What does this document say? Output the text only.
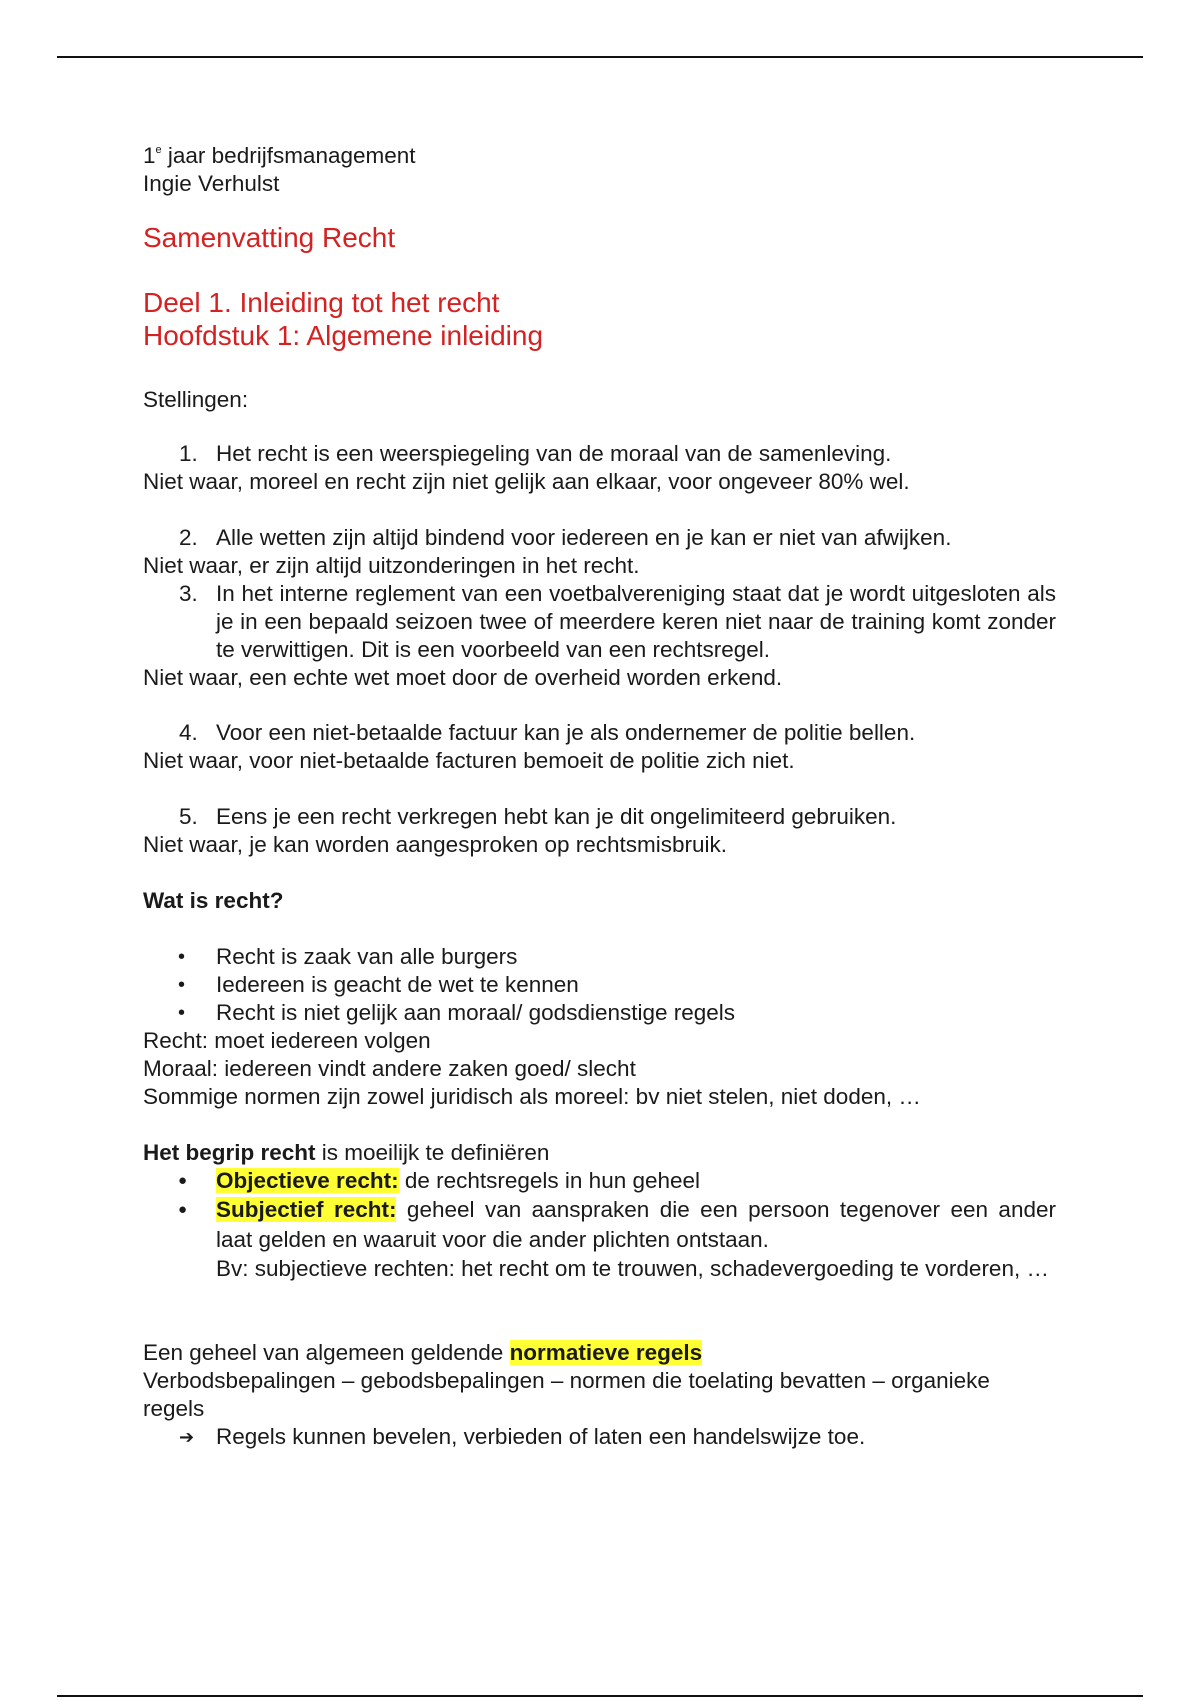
1e jaar bedrijfsmanagement

Ingie Verhulst

Samenvatting Recht
Deel 1. Inleiding tot het recht
Hoofdstuk 1: Algemene inleiding

Stellingen:

1. Het recht is een weerspiegeling van de moraal van de samenleving.

Niet waar, moreel en recht zijn niet gelijk aan elkaar, voor ongeveer 80% wel.

2. Alle wetten zijn altijd bindend voor iedereen en je kan er niet van afwijken.

Niet waar, er zijn altijd uitzonderingen in het recht.

3. In het interne reglement van een voetbalvereniging staat dat je wordt uitgesloten als je in een bepaald seizoen twee of meerdere keren niet naar de training komt zonder te verwittigen. Dit is een voorbeeld van een rechtsregel.

Niet waar, een echte wet moet door de overheid worden erkend.

4. Voor een niet-betaalde factuur kan je als ondernemer de politie bellen.

Niet waar, voor niet-betaalde facturen bemoeit de politie zich niet.

5. Eens je een recht verkregen hebt kan je dit ongelimiteerd gebruiken.

Niet waar, je kan worden aangesproken op rechtsmisbruik.

Wat is recht?

• Recht is zaak van alle burgers
• Iedereen is geacht de wet te kennen
• Recht is niet gelijk aan moraal/ godsdienstige regels

Recht: moet iedereen volgen

Moraal: iedereen vindt andere zaken goed/ slecht

Sommige normen zijn zowel juridisch als moreel: bv niet stelen, niet doden, …

Het begrip recht is moeilijk te definiëren

● Objectieve recht: de rechtsregels in hun geheel
● Subjectief recht: geheel van aanspraken die een persoon tegenover een ander laat gelden en waaruit voor die ander plichten ontstaan.
Bv: subjectieve rechten: het recht om te trouwen, schadevergoeding te vorderen, …

Een geheel van algemeen geldende normatieve regels

Verbodsbepalingen – gebodsbepalingen – normen die toelating bevatten – organieke regels

➔ Regels kunnen bevelen, verbieden of laten een handelswijze toe.
